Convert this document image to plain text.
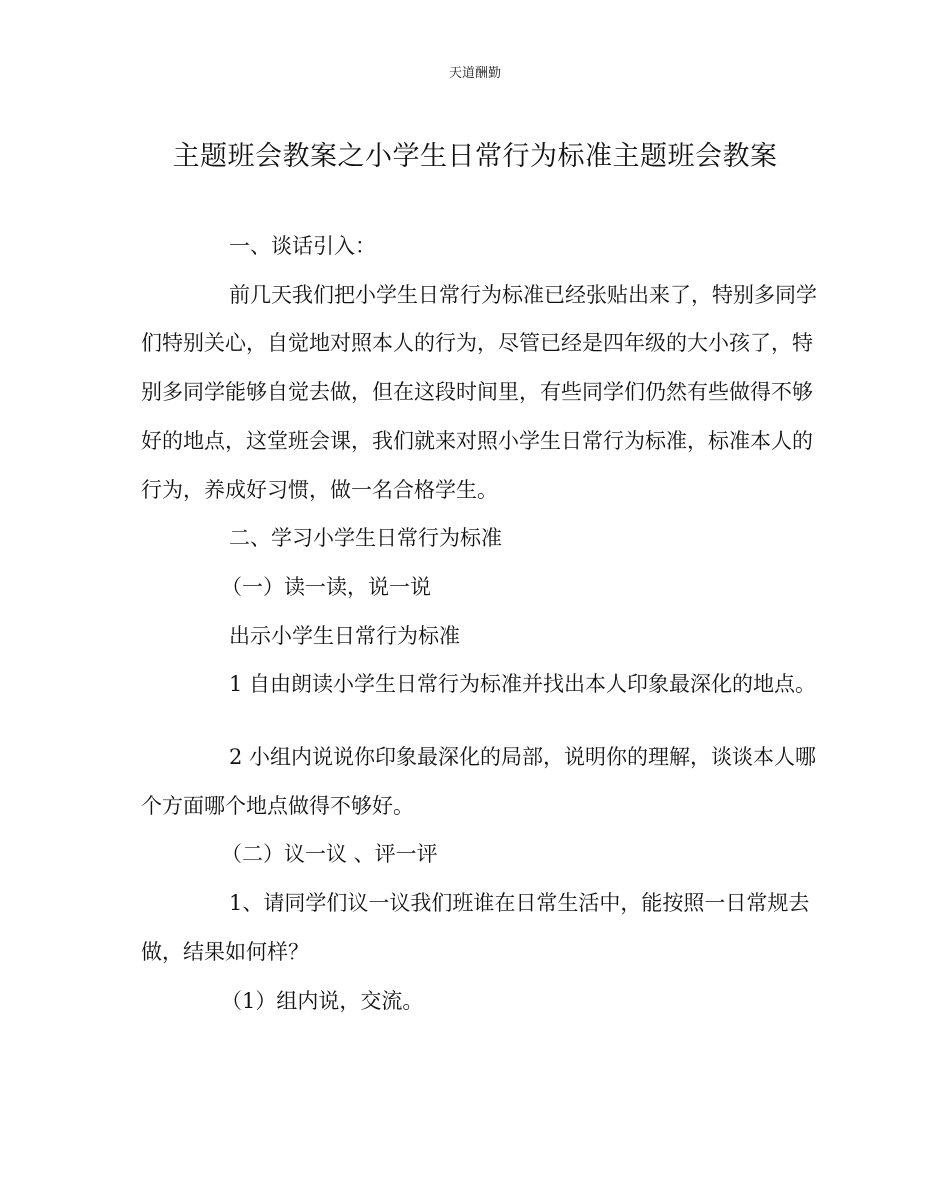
天道酬勤
主题班会教案之小学生日常行为标准主题班会教案

一、谈话引入：

前几天我们把小学生日常行为标准已经张贴出来了，特别多同学们特别关心，自觉地对照本人的行为，尽管已经是四年级的大小孩了，特别多同学能够自觉去做，但在这段时间里，有些同学们仍然有些做得不够好的地点，这堂班会课，我们就来对照小学生日常行为标准，标准本人的行为，养成好习惯，做一名合格学生。

二、学习小学生日常行为标准

（一）读一读，说一说

出示小学生日常行为标准

1 自由朗读小学生日常行为标准并找出本人印象最深化的地点。

2 小组内说说你印象最深化的局部，说明你的理解，谈谈本人哪个方面哪个地点做得不够好。

（二）议一议 、评一评

1、请同学们议一议我们班谁在日常生活中，能按照一日常规去做，结果如何样？

（1）组内说，交流。
